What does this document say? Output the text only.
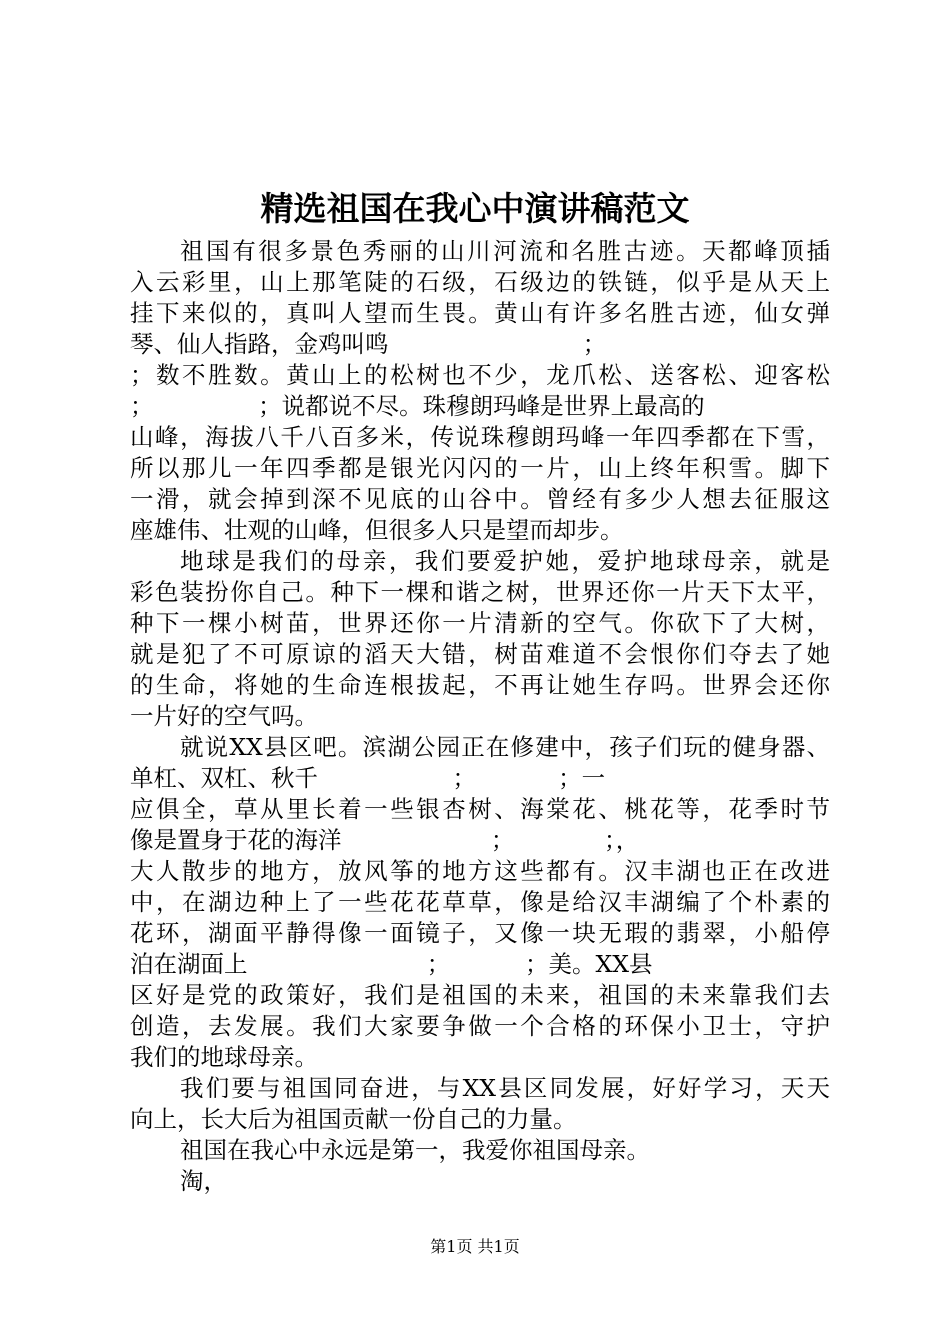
精选祖国在我心中演讲稿范文
祖国有很多景色秀丽的山川河流和名胜古迹。天都峰顶插
入云彩里，山上那笔陡的石级，石级边的铁链，似乎是从天上
挂下来似的，真叫人望而生畏。黄山有许多名胜古迹，仙女弹
琴、仙人指路，金鸡叫鸣                          ；
；数不胜数。黄山上的松树也不少，龙爪松、送客松、迎客松
；              ；说都说不尽。珠穆朗玛峰是世界上最高的
山峰，海拔八千八百多米，传说珠穆朗玛峰一年四季都在下雪，
所以那儿一年四季都是银光闪闪的一片，山上终年积雪。脚下
一滑，就会掉到深不见底的山谷中。曾经有多少人想去征服这
座雄伟、壮观的山峰，但很多人只是望而却步。
地球是我们的母亲，我们要爱护她，爱护地球母亲，就是
彩色装扮你自己。种下一棵和谐之树，世界还你一片天下太平，
种下一棵小树苗，世界还你一片清新的空气。你砍下了大树，
就是犯了不可原谅的滔天大错，树苗难道不会恨你们夺去了她
的生命，将她的生命连根拔起，不再让她生存吗。世界会还你
一片好的空气吗。
就说XX县区吧。滨湖公园正在修建中，孩子们玩的健身器、
单杠、双杠、秋千                  ；           ；一
应俱全，草从里长着一些银杏树、海棠花、桃花等，花季时节
像是置身于花的海洋                    ；            ；，
大人散步的地方，放风筝的地方这些都有。汉丰湖也正在改进
中，在湖边种上了一些花花草草，像是给汉丰湖编了个朴素的
花环，湖面平静得像一面镜子，又像一块无瑕的翡翠，小船停
泊在湖面上                        ；          ；美。XX县
区好是党的政策好，我们是祖国的未来，祖国的未来靠我们去
创造，去发展。我们大家要争做一个合格的环保小卫士，守护
我们的地球母亲。
我们要与祖国同奋进，与XX县区同发展，好好学习，天天
向上，长大后为祖国贡献一份自己的力量。
祖国在我心中永远是第一，我爱你祖国母亲。
淘，
第1页 共1页
